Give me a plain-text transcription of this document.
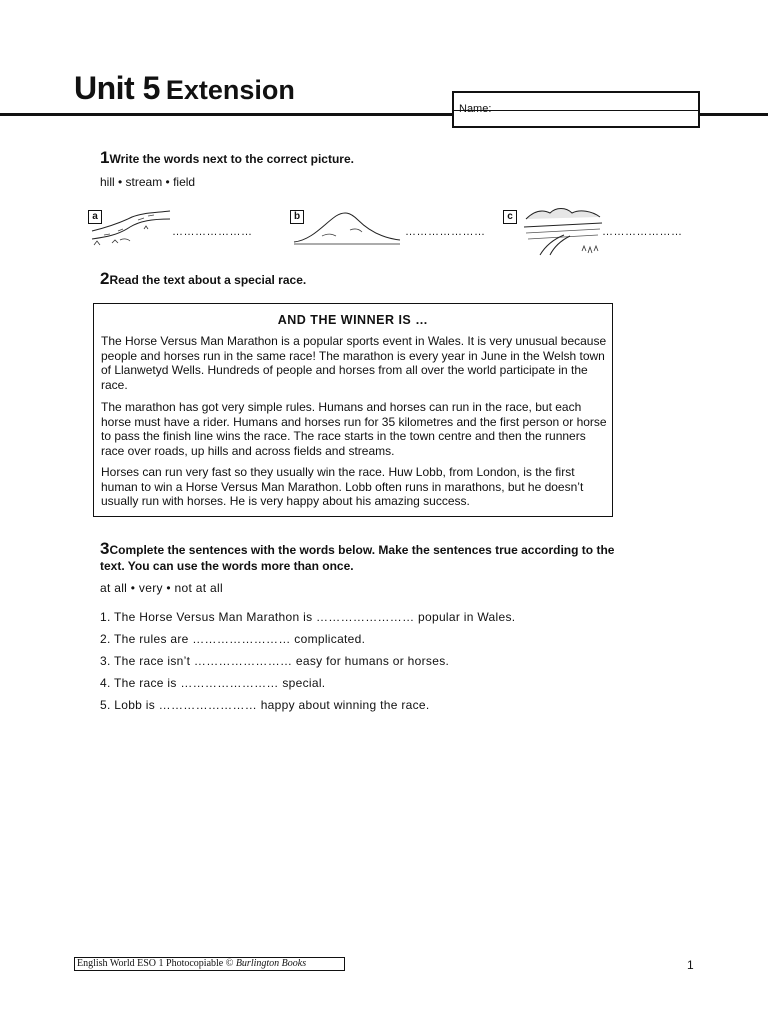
Unit 5 Extension
Name:
1Write the words next to the correct picture.
hill • stream • field
a
…………………
b
…………………
c
…………………
2Read the text about a special race.
AND THE WINNER IS …
The Horse Versus Man Marathon is a popular sports event in Wales. It is very unusual because people and horses run in the same race! The marathon is every year in June in the Welsh town of Llanwetyd Wells. Hundreds of people and horses from all over the world participate in the race.
The marathon has got very simple rules. Humans and horses can run in the race, but each horse must have a rider. Humans and horses run for 35 kilometres and the first person or horse to pass the finish line wins the race. The race starts in the town centre and then the runners race over roads, up hills and across fields and streams.
Horses can run very fast so they usually win the race. Huw Lobb, from London, is the first human to win a Horse Versus Man Marathon. Lobb often runs in marathons, but he doesn’t usually run with horses. He is very happy about his amazing success.
3Complete the sentences with the words below. Make the sentences true according to the
text. You can use the words more than once.
at all • very • not at all
1. The Horse Versus Man Marathon is …………………… popular in Wales.
2. The rules are …………………… complicated.
3. The race isn’t …………………… easy for humans or horses.
4. The race is …………………… special.
5. Lobb is …………………… happy about winning the race.
English World ESO 1 Photocopiable © Burlington Books	1
